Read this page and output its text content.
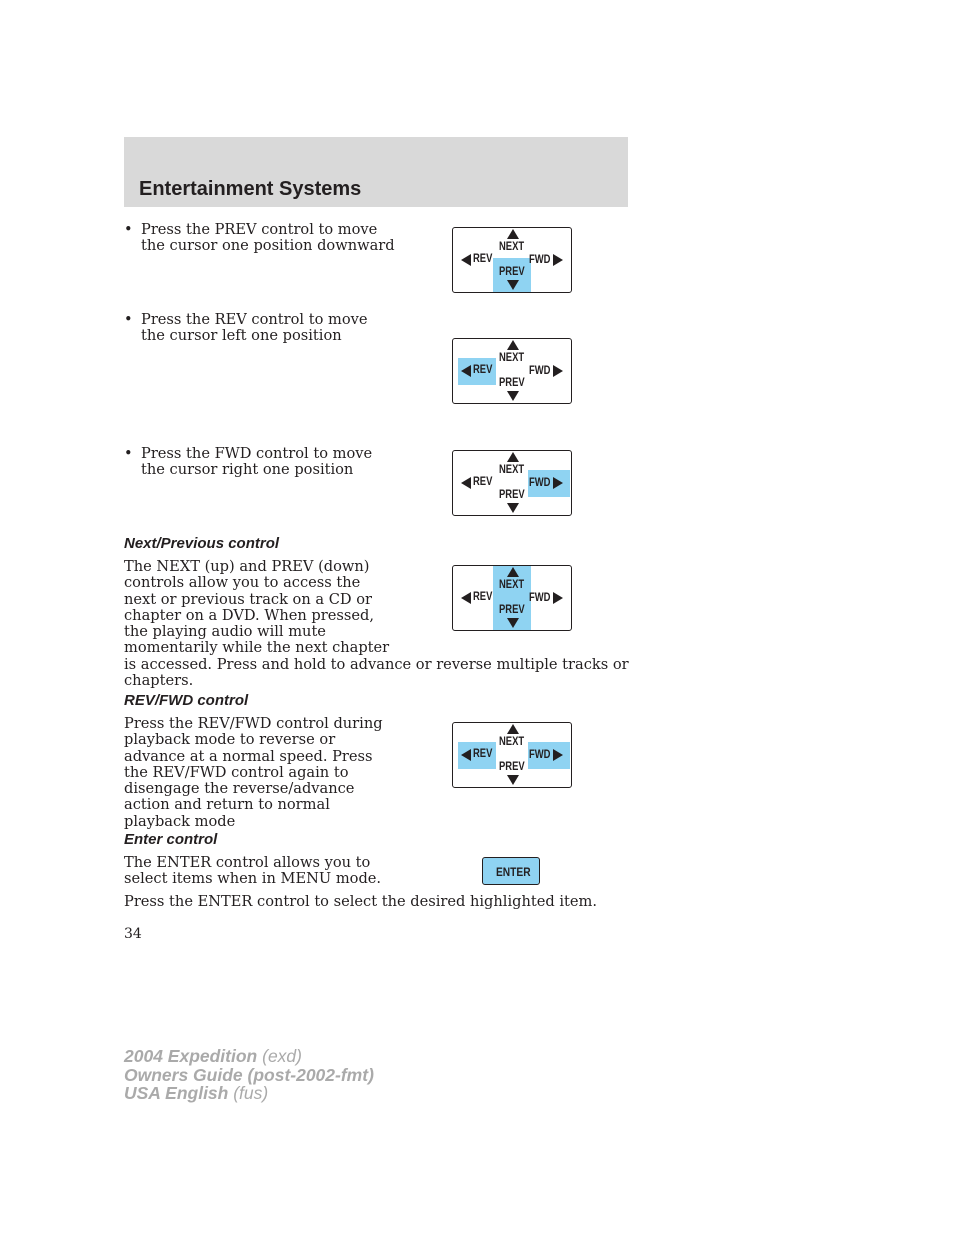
Entertainment Systems
• Press the PREV control to move
the cursor one position downward
• Press the REV control to move
the cursor left one position
• Press the FWD control to move
the cursor right one position
NEXT
PREV
REV	FWD
NEXT
PREV
REV	FWD
NEXT
PREV
REV	FWD
NEXT
PREV
REV	FWD
NEXT
PREV
REV	FWD
Next/Previous control
The NEXT (up) and PREV (down)
controls allow you to access the
next or previous track on a CD or
chapter on a DVD. When pressed,
the playing audio will mute
momentarily while the next chapter
is accessed. Press and hold to advance or reverse multiple tracks or
chapters.
REV/FWD control
Press the REV/FWD control during
playback mode to reverse or
advance at a normal speed. Press
the REV/FWD control again to
disengage the reverse/advance
action and return to normal
playback mode
Enter control
The ENTER control allows you to
select items when in MENU mode.	ENTER
Press the ENTER control to select the desired highlighted item.
34
2004 Expedition (exd)
Owners Guide (post-2002-fmt)
USA English (fus)
